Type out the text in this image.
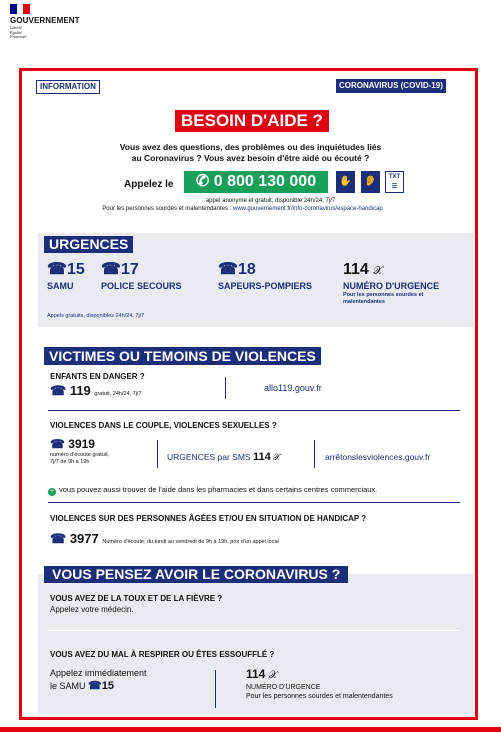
GOUVERNEMENT
Liberté
Égalité
Fraternité
INFORMATION	CORONAVIRUS (COVID-19)
BESOIN D'AIDE ?
Vous avez des questions, des problèmes ou des inquiétudes liés
au Coronavirus ? Vous avez besoin d'être aidé ou écouté ?
Appelez le	✆ 0 800 130 000	✋	👂	TXT
☰
appel anonyme et gratuit, disponible 24h/24, 7j/7
Pour les personnes sourdes et malentendantes : www.gouvernement.fr/info-coronavirus/espace-handicap
URGENCES
☎15
SAMU
☎17
POLICE SECOURS
☎18
SAPEURS-POMPIERS
114 𝒳
NUMÉRO D'URGENCE
Pour les personnes sourdes et
malentendantes
Appels gratuits, disponibles 24h/24, 7j/7
VICTIMES OU TEMOINS DE VIOLENCES
ENFANTS EN DANGER ?
☎ 119 gratuit, 24h/24, 7j/7
allo119.gouv.fr
VIOLENCES DANS LE COUPLE, VIOLENCES SEXUELLES ?
☎ 3919
numéro d'écoute gratuit,
7j/7 de 9h à 19h	URGENCES par SMS 114 𝒳	arrêtonslesviolences.gouv.fr
+ vous pouvez aussi trouver de l'aide dans les pharmacies et dans certains centres commerciaux.
VIOLENCES SUR DES PERSONNES ÂGÉES ET/OU EN SITUATION DE HANDICAP ?
☎ 3977 Numéro d'écoute, du lundi au vendredi de 9h à 19h, prix d'un appel local
VOUS PENSEZ AVOIR LE CORONAVIRUS ?
VOUS AVEZ DE LA TOUX ET DE LA FIÈVRE ?
Appelez votre médecin.
VOUS AVEZ DU MAL À RESPIRER OU ÊTES ESSOUFFLÉ ?
Appelez immédiatement
le SAMU ☎15
114 𝒳
NUMÉRO D'URGENCE
Pour les personnes sourdes et malentendantes
